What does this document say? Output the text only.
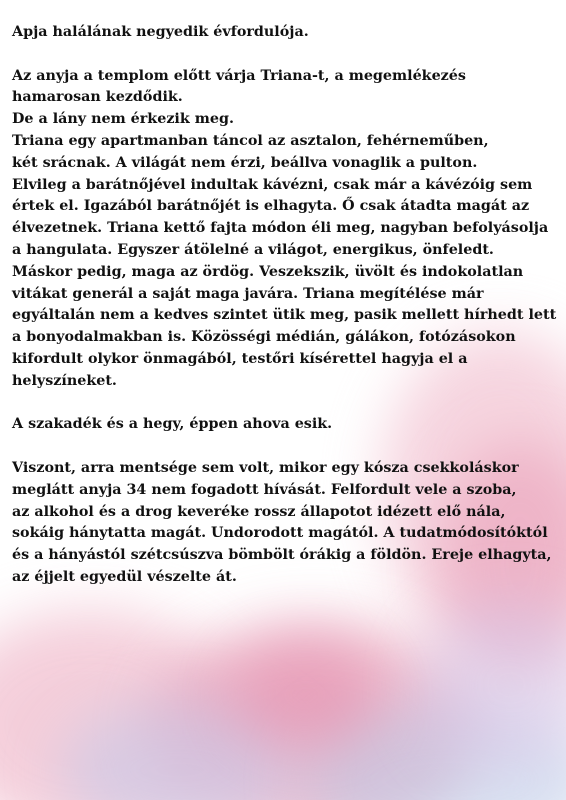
Apja halálának negyedik évfordulója.
Az anyja a templom előtt várja Triana-t, a megemlékezés
hamarosan kezdődik.
De a lány nem érkezik meg.
Triana egy apartmanban táncol az asztalon, fehérneműben,
két srácnak. A világát nem érzi, beállva vonaglik a pulton.
Elvileg a barátnőjével indultak kávézni, csak már a kávézóig sem
értek el. Igazából barátnőjét is elhagyta. Ő csak átadta magát az
élvezetnek. Triana kettő fajta módon éli meg, nagyban befolyásolja
a hangulata. Egyszer átölelné a világot, energikus, önfeledt.
Máskor pedig, maga az ördög. Veszekszik, üvölt és indokolatlan
vitákat generál a saját maga javára. Triana megítélése már
egyáltalán nem a kedves szintet ütik meg, pasik mellett hírhedt lett
a bonyodalmakban is. Közösségi médián, gálákon, fotózásokon
kifordult olykor önmagából, testőri kísérettel hagyja el a
helyszíneket.
A szakadék és a hegy, éppen ahova esik.
Viszont, arra mentsége sem volt, mikor egy kósza csekkoláskor
meglátt anyja 34 nem fogadott hívását. Felfordult vele a szoba,
az alkohol és a drog keveréke rossz állapotot idézett elő nála,
sokáig hánytatta magát. Undorodott magától. A tudatmódosítóktól
és a hányástól szétcsúszva bömbölt órákig a földön. Ereje elhagyta,
az éjjelt egyedül vészelte át.
